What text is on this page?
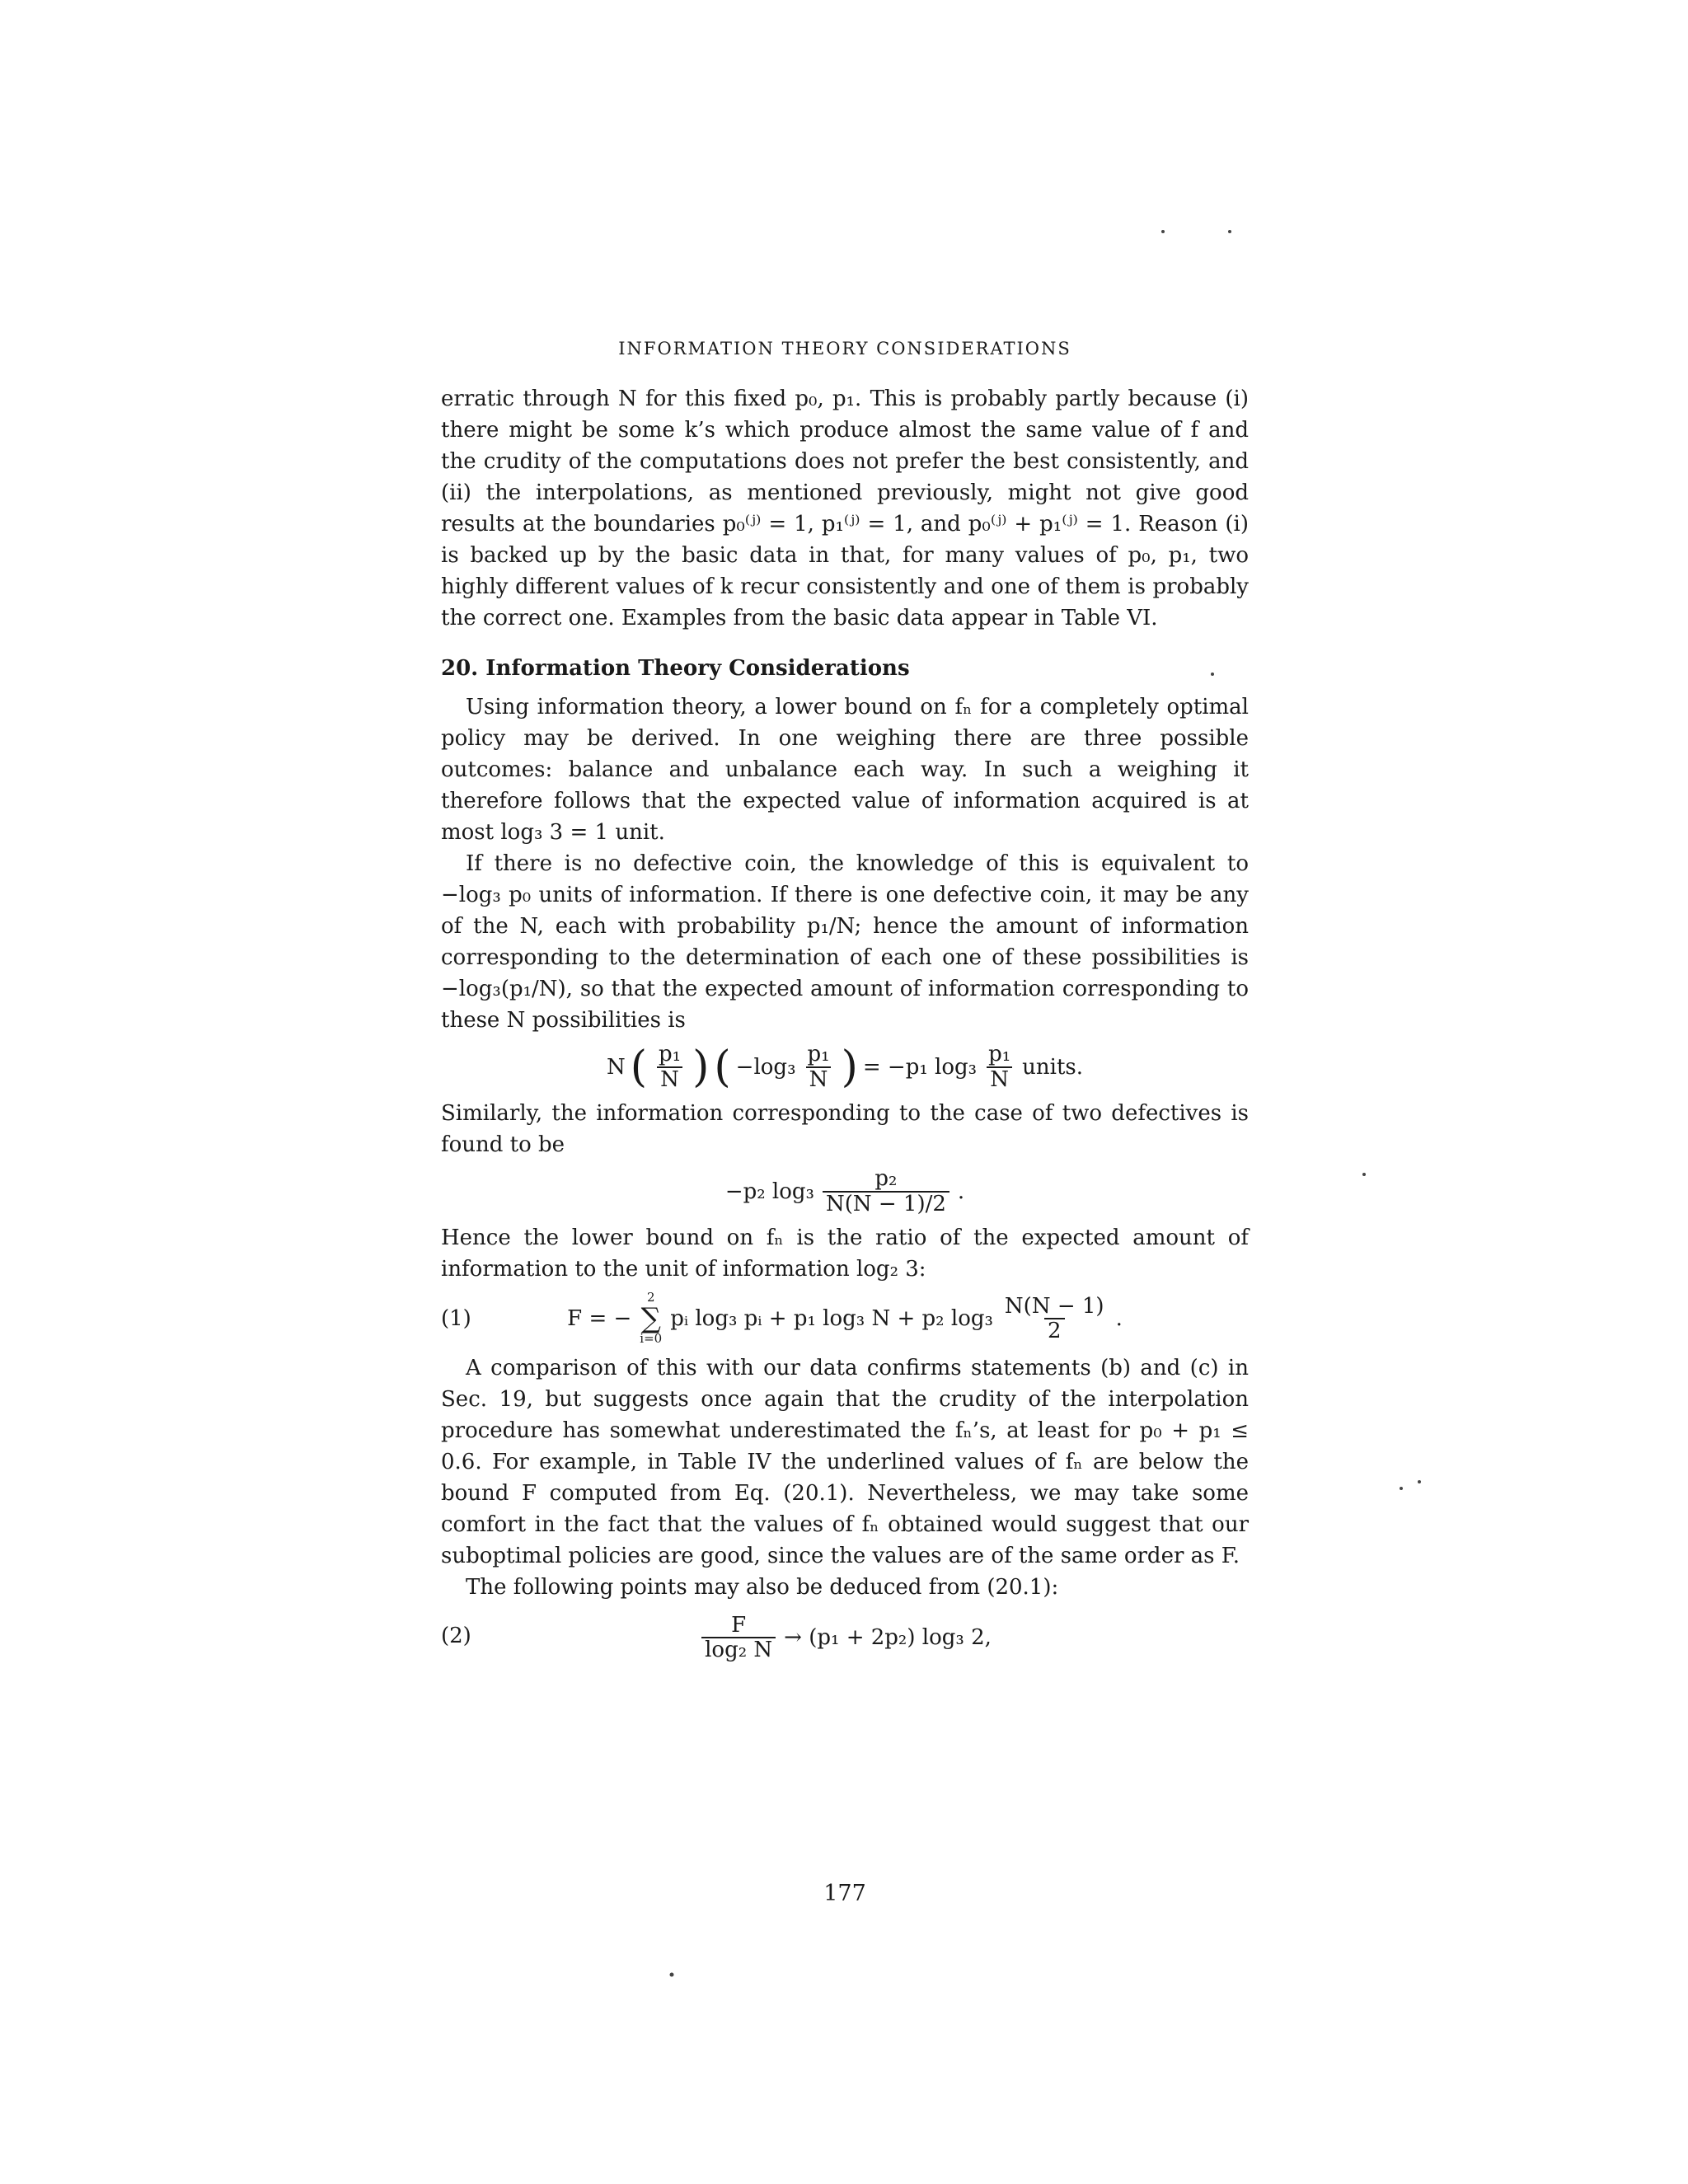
INFORMATION THEORY CONSIDERATIONS

erratic through N for this fixed p₀, p₁. This is probably partly because (i) there might be some k’s which produce almost the same value of f and the crudity of the computations does not prefer the best consistently, and (ii) the interpolations, as mentioned previously, might not give good results at the boundaries p₀⁽ʲ⁾ = 1, p₁⁽ʲ⁾ = 1, and p₀⁽ʲ⁾ + p₁⁽ʲ⁾ = 1. Reason (i) is backed up by the basic data in that, for many values of p₀, p₁, two highly different values of k recur consistently and one of them is probably the correct one. Examples from the basic data appear in Table VI.

20. Information Theory Considerations

Using information theory, a lower bound on fₙ for a completely optimal policy may be derived. In one weighing there are three possible outcomes: balance and unbalance each way. In such a weighing it therefore follows that the expected value of information acquired is at most log₃ 3 = 1 unit.

If there is no defective coin, the knowledge of this is equivalent to −log₃ p₀ units of information. If there is one defective coin, it may be any of the N, each with probability p₁/N; hence the amount of information corresponding to the determination of each one of these possibilities is −log₃(p₁/N), so that the expected amount of information corresponding to these N possibilities is

N ( $\frac{\text{p₁}}{N}$ ) ( $-\log_3 \frac{\text{p₁}}{N}$ ) = −p₁ $\log_3 \frac{\text{p₁}}{N}$ units.

Similarly, the information corresponding to the case of two defectives is found to be

−p₂ $\log_3 \frac{\text{p₂}}{N(N - 1)/2}$ .

Hence the lower bound on fₙ is the ratio of the expected amount of information to the unit of information log₂ 3:

(1)	F = −
2
∑
i=0
pᵢ log₃ pᵢ + p₁ log₃ N + p₂ $\log_3 \frac{N(N - 1)}{2}$ .

A comparison of this with our data confirms statements (b) and (c) in Sec. 19, but suggests once again that the crudity of the interpolation procedure has somewhat underestimated the fₙ’s, at least for p₀ + p₁ ≤ 0.6. For example, in Table IV the underlined values of fₙ are below the bound F computed from Eq. (20.1). Nevertheless, we may take some comfort in the fact that the values of fₙ obtained would suggest that our suboptimal policies are good, since the values are of the same order as F.

The following points may also be deduced from (20.1):

(2)	$\frac{F}{\text{log₂ N}} \to (p_1 + 2p_2)$ log₃ 2,
177
